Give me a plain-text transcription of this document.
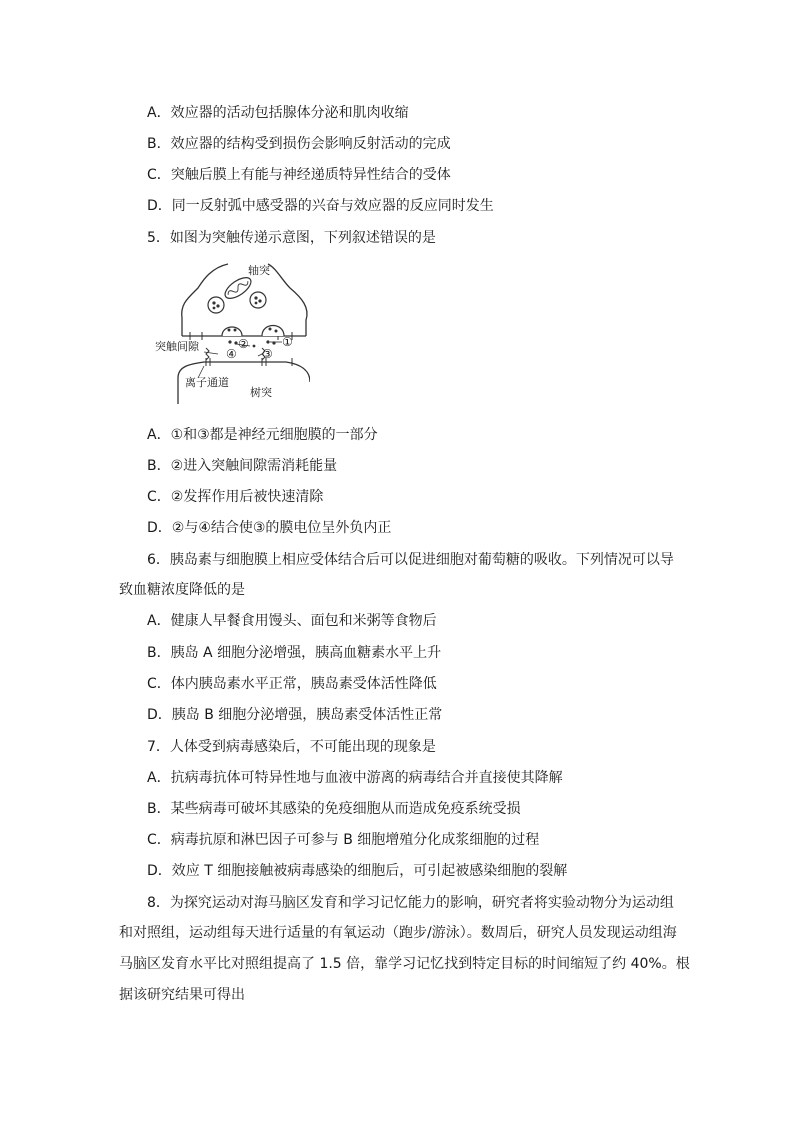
A．效应器的活动包括腺体分泌和肌肉收缩
B．效应器的结构受到损伤会影响反射活动的完成
C．突触后膜上有能与神经递质特异性结合的受体
D．同一反射弧中感受器的兴奋与效应器的反应同时发生
5．如图为突触传递示意图，下列叙述错误的是
轴突
突触间隙
离子通道
树突
①
②
③
④
A．①和③都是神经元细胞膜的一部分
B．②进入突触间隙需消耗能量
C．②发挥作用后被快速清除
D．②与④结合使③的膜电位呈外负内正
6．胰岛素与细胞膜上相应受体结合后可以促进细胞对葡萄糖的吸收。下列情况可以导
致血糖浓度降低的是
A．健康人早餐食用馒头、面包和米粥等食物后
B．胰岛 A 细胞分泌增强，胰高血糖素水平上升
C．体内胰岛素水平正常，胰岛素受体活性降低
D．胰岛 B 细胞分泌增强，胰岛素受体活性正常
7．人体受到病毒感染后，不可能出现的现象是
A．抗病毒抗体可特异性地与血液中游离的病毒结合并直接使其降解
B．某些病毒可破坏其感染的免疫细胞从而造成免疫系统受损
C．病毒抗原和淋巴因子可参与 B 细胞增殖分化成浆细胞的过程
D．效应 T 细胞接触被病毒感染的细胞后，可引起被感染细胞的裂解
8．为探究运动对海马脑区发育和学习记忆能力的影响，研究者将实验动物分为运动组
和对照组，运动组每天进行适量的有氧运动（跑步/游泳）。数周后，研究人员发现运动组海
马脑区发育水平比对照组提高了 1.5 倍，靠学习记忆找到特定目标的时间缩短了约 40%。根
据该研究结果可得出
